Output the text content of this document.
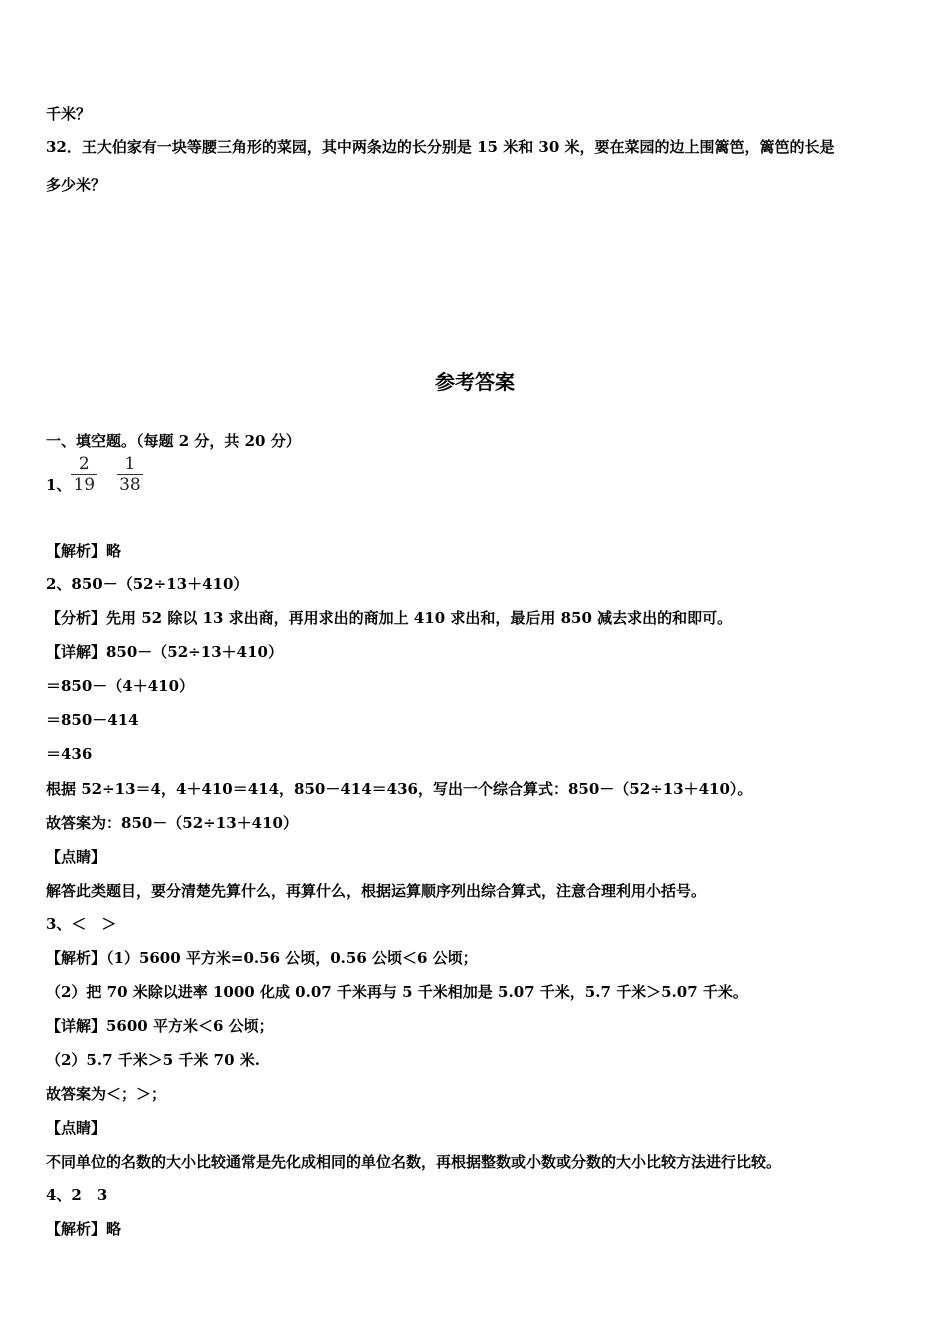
千米？
32．王大伯家有一块等腰三角形的菜园，其中两条边的长分别是 15 米和 30 米，要在菜园的边上围篱笆，篱笆的长是
多少米？
参考答案
一、填空题。（每题 2 分，共 20 分）
1、 $\frac{2}{19} \frac{1}{38}$
【解析】略
2、850－（52÷13＋410）
【分析】先用 52 除以 13 求出商，再用求出的商加上 410 求出和，最后用 850 减去求出的和即可。
【详解】850－（52÷13＋410）
＝850－（4＋410）
＝850－414
＝436
根据 52÷13＝4，4＋410＝414，850－414＝436，写出一个综合算式：850－（52÷13＋410）。
故答案为：850－（52÷13＋410）
【点睛】
解答此类题目，要分清楚先算什么，再算什么，根据运算顺序列出综合算式，注意合理利用小括号。
3、＜　＞
【解析】（1）5600 平方米=0.56 公顷，0.56 公顷＜6 公顷；
（2）把 70 米除以进率 1000 化成 0.07 千米再与 5 千米相加是 5.07 千米，5.7 千米＞5.07 千米。
【详解】5600 平方米＜6 公顷；
（2）5.7 千米＞5 千米 70 米.
故答案为＜；＞；
【点睛】
不同单位的名数的大小比较通常是先化成相同的单位名数，再根据整数或小数或分数的大小比较方法进行比较。
4、2　3
【解析】略
